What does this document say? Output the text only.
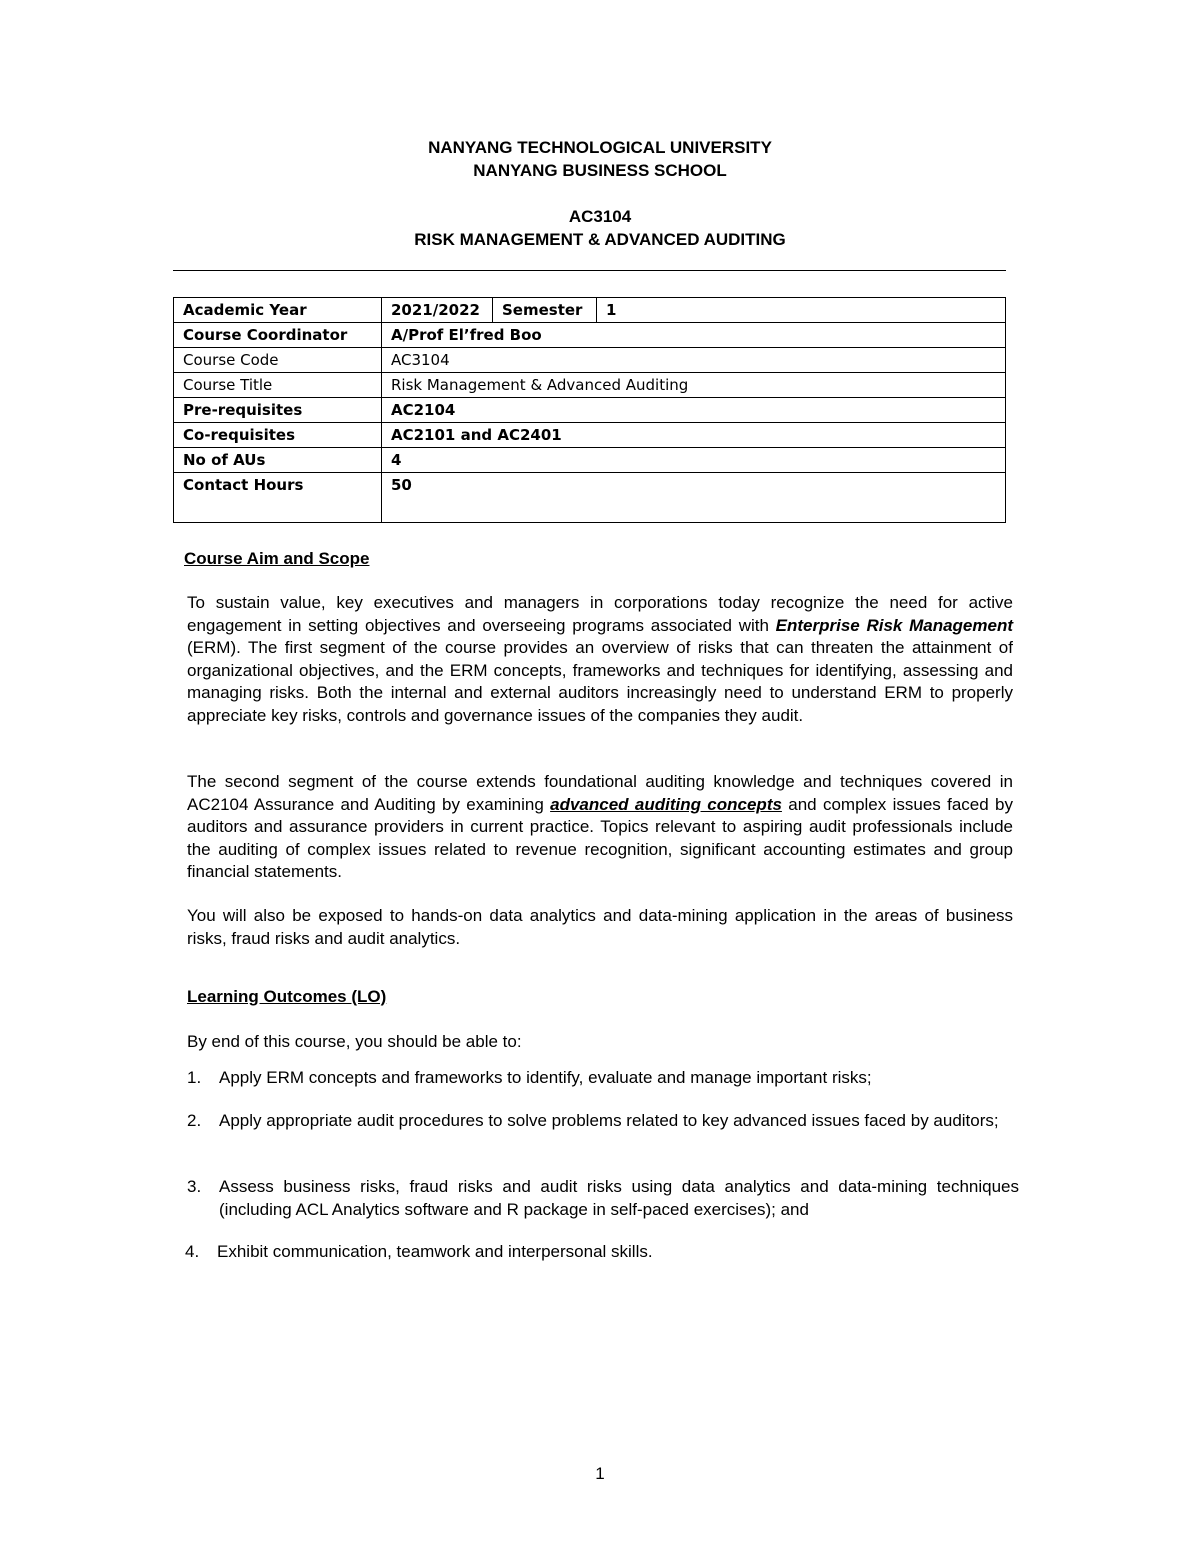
NANYANG TECHNOLOGICAL UNIVERSITY
NANYANG BUSINESS SCHOOL
AC3104
RISK MANAGEMENT & ADVANCED AUDITING
Academic Year	2021/2022	Semester	1
Course Coordinator	A/Prof El’fred Boo		
Course Code	AC3104		
Course Title	Risk Management & Advanced Auditing		
Pre-requisites	AC2104		
Co-requisites	AC2101 and AC2401		
No of AUs	4		
Contact Hours	50		
Course Aim and Scope

To sustain value, key executives and managers in corporations today recognize the need for active engagement in setting objectives and overseeing programs associated with Enterprise Risk Management (ERM). The first segment of the course provides an overview of risks that can threaten the attainment of organizational objectives, and the ERM concepts, frameworks and techniques for identifying, assessing and managing risks. Both the internal and external auditors increasingly need to understand ERM to properly appreciate key risks, controls and governance issues of the companies they audit.

The second segment of the course extends foundational auditing knowledge and techniques covered in AC2104 Assurance and Auditing by examining advanced auditing concepts and complex issues faced by auditors and assurance providers in current practice. Topics relevant to aspiring audit professionals include the auditing of complex issues related to revenue recognition, significant accounting estimates and group financial statements.

You will also be exposed to hands-on data analytics and data-mining application in the areas of business risks, fraud risks and audit analytics.

Learning Outcomes (LO)
By end of this course, you should be able to:
1. Apply ERM concepts and frameworks to identify, evaluate and manage important risks;
2. Apply appropriate audit procedures to solve problems related to key advanced issues faced by auditors;
3. Assess business risks, fraud risks and audit risks using data analytics and data-mining techniques (including ACL Analytics software and R package in self-paced exercises); and
4. Exhibit communication, teamwork and interpersonal skills.
1
